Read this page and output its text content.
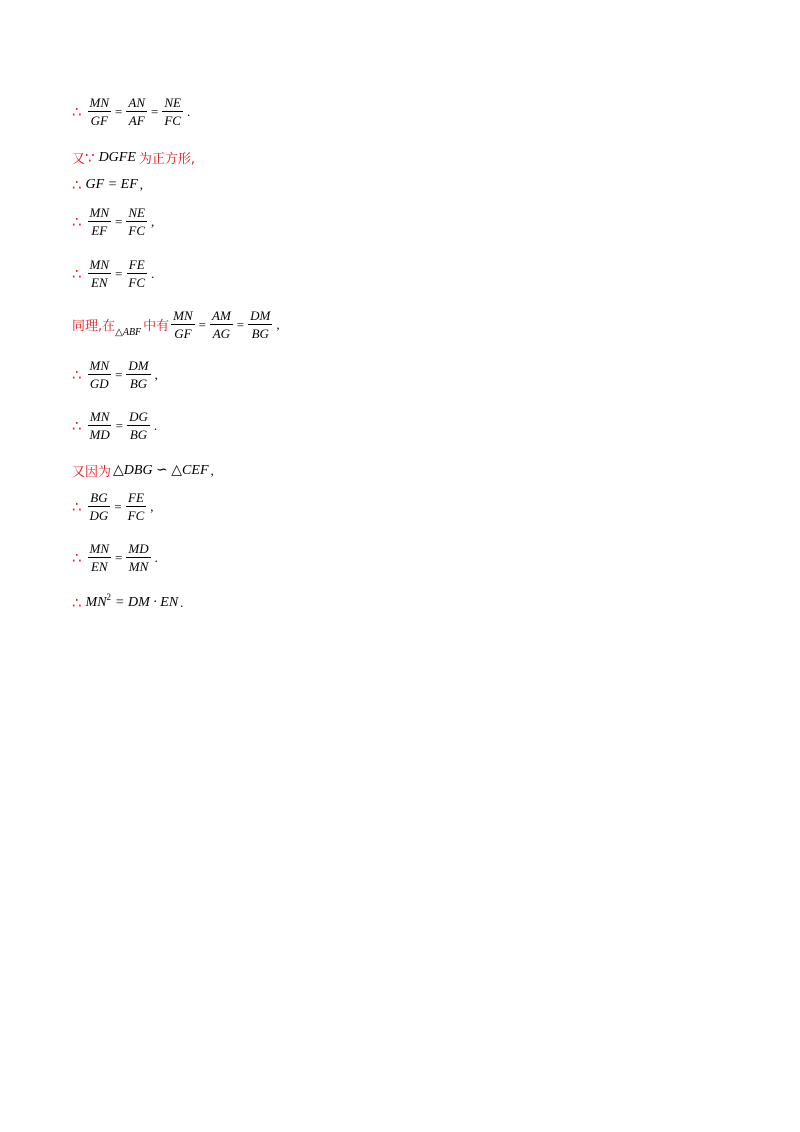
∴ $\frac{MN}{GF} = \frac{AN}{AF} = \frac{NE}{FC}$ .
又 ∵ DGFE 为正方形,
∴ GF = EF ,
∴ $\frac{MN}{EF} = \frac{NE}{FC}$ ,
∴ $\frac{MN}{EN} = \frac{FE}{FC}$ .
同理,在 △ABF 中有 $\frac{MN}{GF} = \frac{AM}{AG} = \frac{DM}{BG}$ ,
∴ $\frac{MN}{GD} = \frac{DM}{BG}$ ,
∴ $\frac{MN}{MD} = \frac{DG}{BG}$ .
又因为 △DBG ∽ △CEF ,
∴ $\frac{BG}{DG} = \frac{FE}{FC}$ ,
∴ $\frac{MN}{EN} = \frac{MD}{MN}$ .
∴ MN 2 = DM · EN .
